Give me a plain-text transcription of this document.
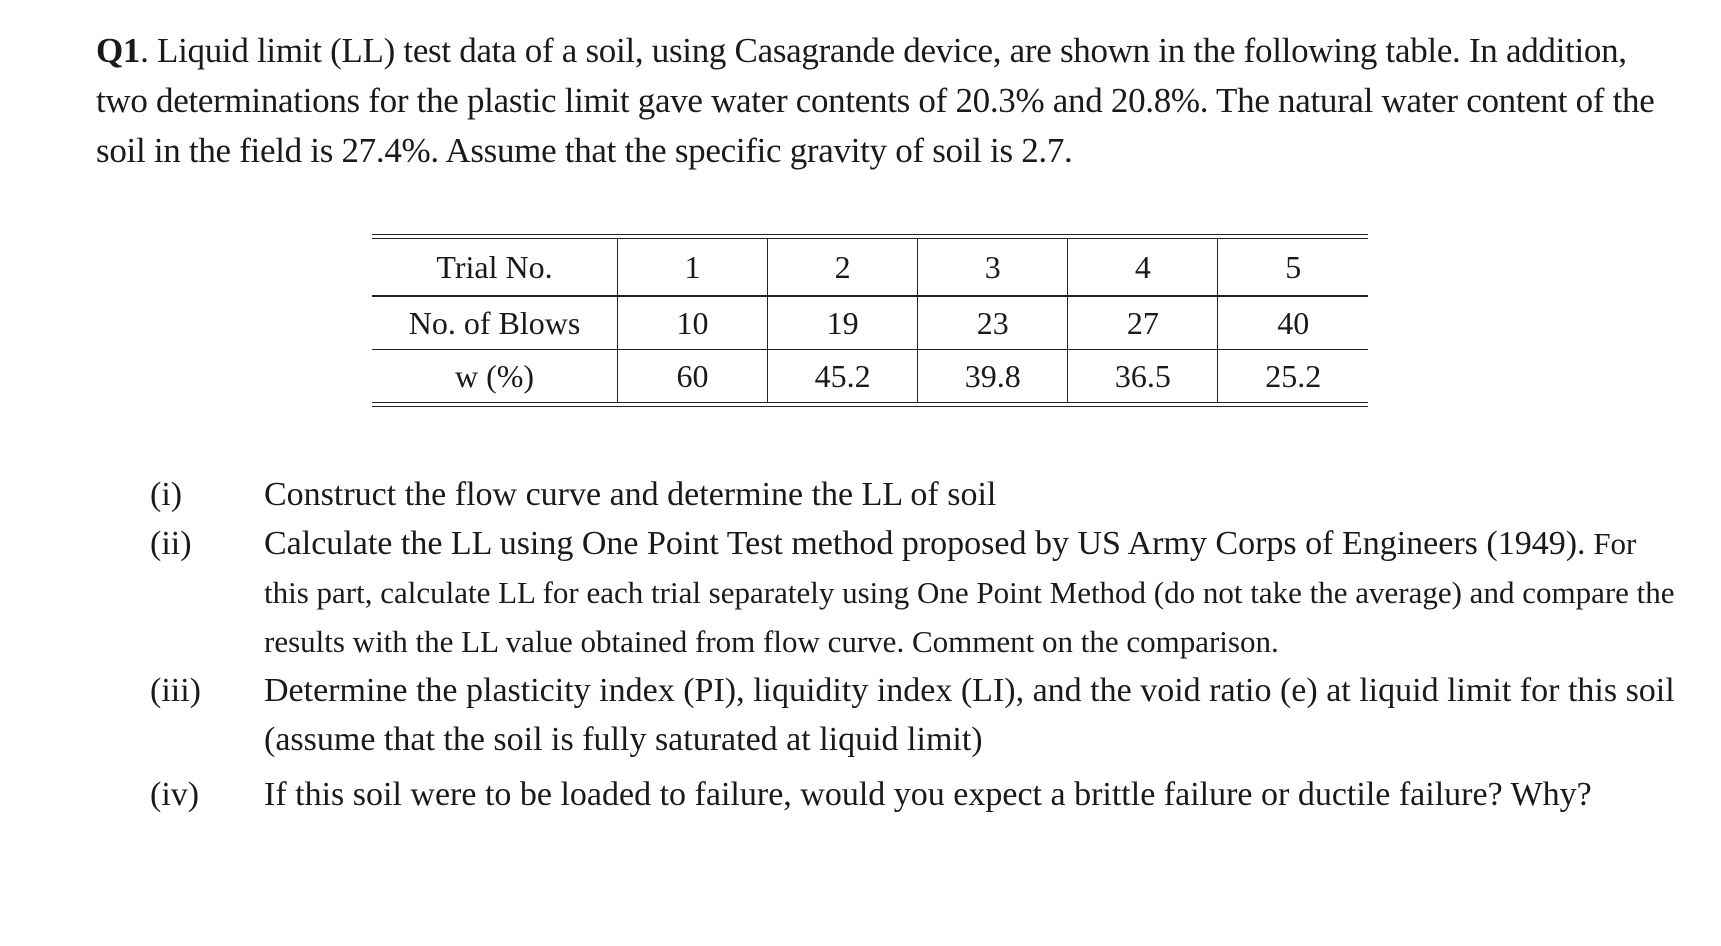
Q1. Liquid limit (LL) test data of a soil, using Casagrande device, are shown in the following table. In addition, two determinations for the plastic limit gave water contents of 20.3% and 20.8%. The natural water content of the soil in the field is 27.4%. Assume that the specific gravity of soil is 2.7.
Trial No.	1	2	3	4	5
No. of Blows	10	19	23	27	40
w (%)	60	45.2	39.8	36.5	25.2
(i)	Construct the flow curve and determine the LL of soil
(ii)	Calculate the LL using One Point Test method proposed by US Army Corps of Engineers (1949). For this part, calculate LL for each trial separately using One Point Method (do not take the average) and compare the results with the LL value obtained from flow curve. Comment on the comparison.
(iii)	Determine the plasticity index (PI), liquidity index (LI), and the void ratio (e) at liquid limit for this soil (assume that the soil is fully saturated at liquid limit)
(iv)	If this soil were to be loaded to failure, would you expect a brittle failure or ductile failure? Why?
